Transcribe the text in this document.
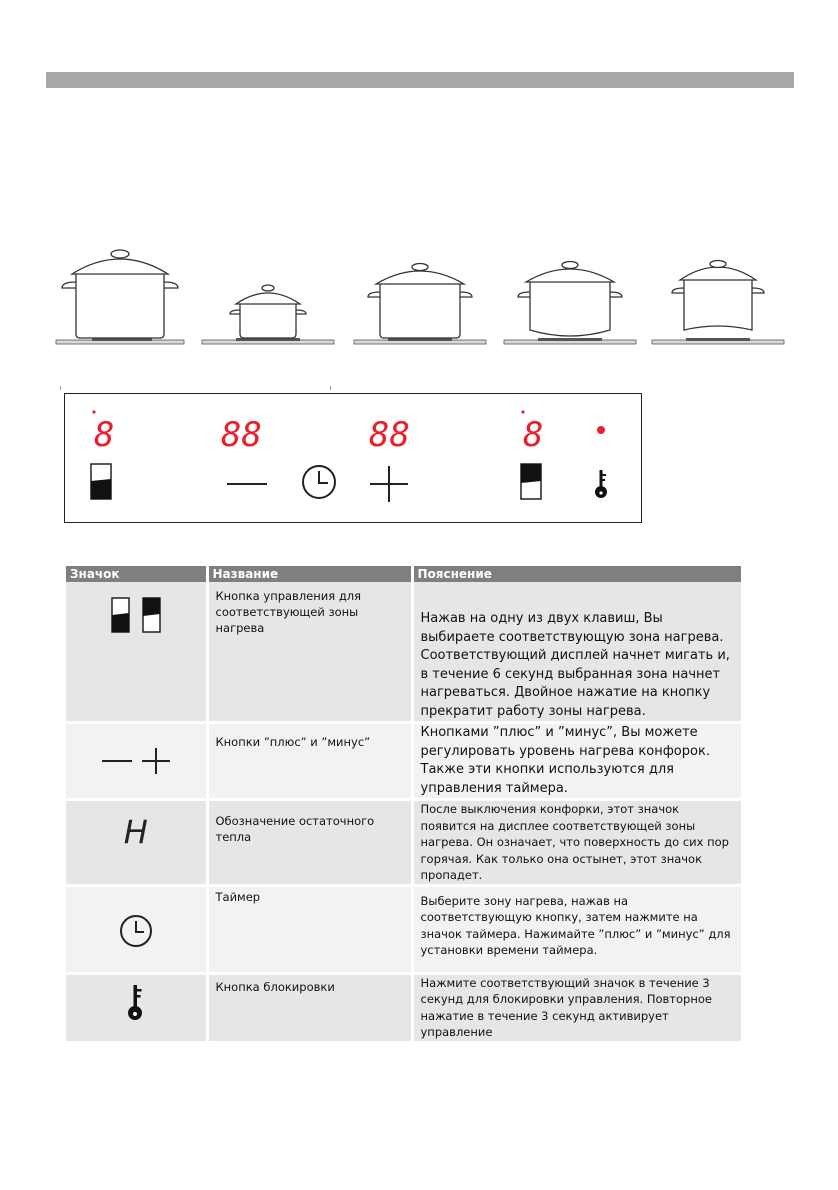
8	88	88	8
Значок	Название	Пояснение

	Кнопка управления для соответствующей зоны нагрева	Нажав на одну из двух клавиш, Вы выбираете соответствующую зона нагрева. Соответствующий дисплей начнет мигать и, в течение 6 секунд выбранная зона начнет нагреваться. Двойное нажатие на кнопку прекратит работу зоны нагрева.

	Кнопки ”плюс” и ”минус”	Кнопками ”плюс” и ”минус”, Вы можете регулировать уровень нагрева конфорок. Также эти кнопки используются для управления таймера.

H	Обозначение остаточного тепла	После выключения конфорки, этот значок появится на дисплее соответствующей зоны нагрева. Он означает, что поверхность до сих пор горячая. Как только она остынет, этот значок пропадет.

	Таймер	Выберите зону нагрева, нажав на соответствующую кнопку, затем нажмите на значок таймера. Нажимайте ”плюс” и ”минус” для установки времени таймера.

	Кнопка блокировки	Нажмите соответствующий значок в течение 3 секунд для блокировки управления. Повторное нажатие в течение 3 секунд активирует управление
